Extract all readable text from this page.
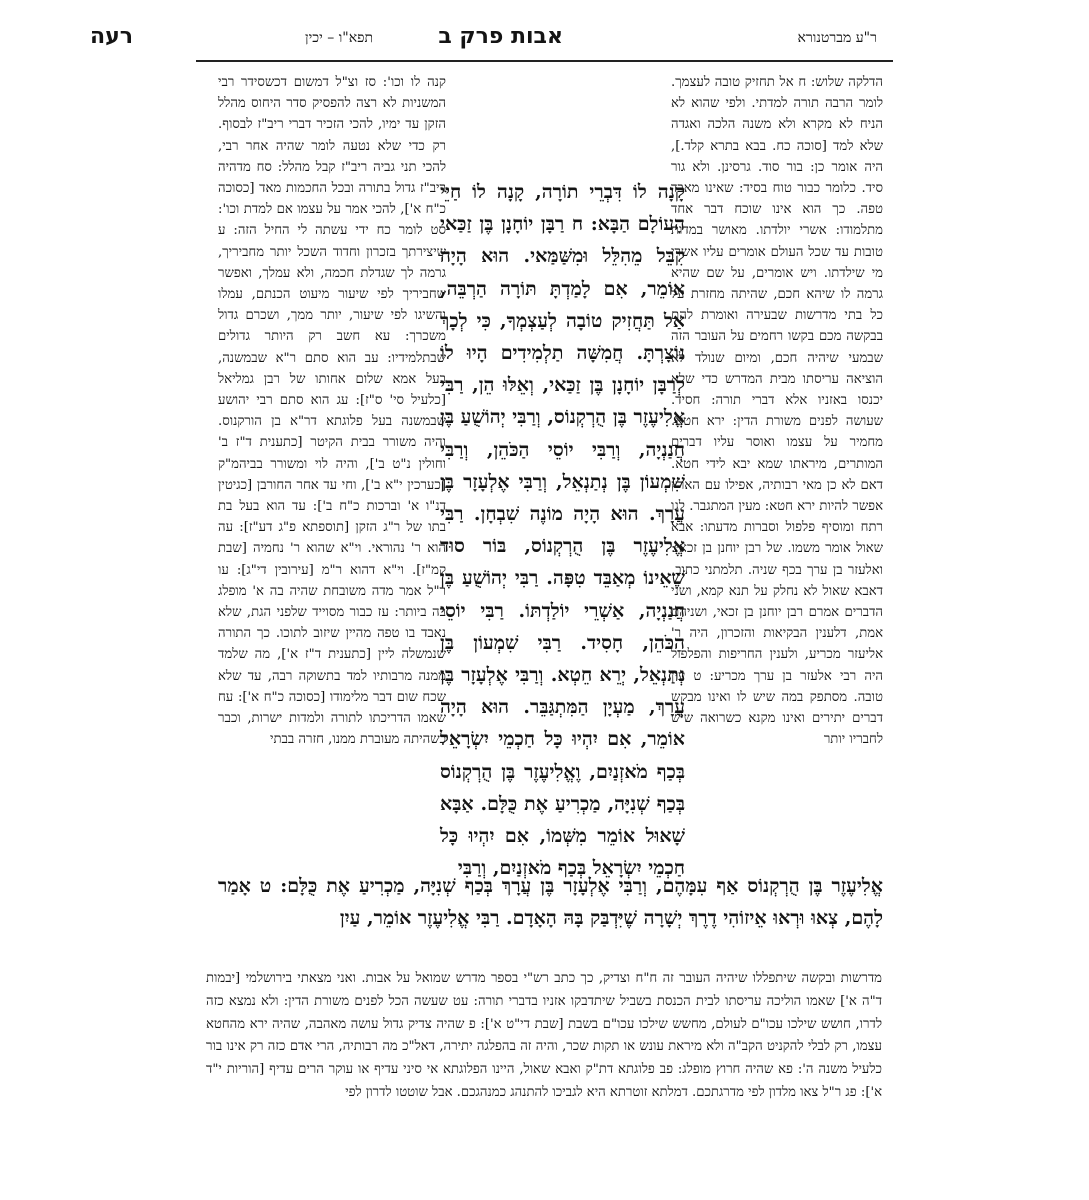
ר"ע מברטנורא
אבות פרק ב
תפא"ו – יכין
רעה

הדלקה שלוש: ח אל תחזיק טובה לעצמך. לומר הרבה תורה למדתי. ולפי שהוא לא הניח לא מקרא ולא משנה הלכה ואגדה שלא למד [סוכה כח. בבא בתרא קלד.], היה אומר כן: בור סוד. גרסינן. ולא גור סיד. כלומר כבור טוח בסיד: שאינו מאבד טפה. כך הוא אינו שוכח דבר אחד מתלמודו: אשרי יולדתו. מאושר במדות טובות עד שכל העולם אומרים עליו אשרי מי שילדתו. ויש אומרים, על שם שהיא גרמה לו שיהא חכם, שהיתה מחזרת על כל בתי מדרשות שבעירה ואומרת להם בבקשה מכם בקשו רחמים על העובר הזה שבמעי שיהיה חכם, ומיום שנולד לא הוציאה עריסתו מבית המדרש כדי שלא יכנסו באזניו אלא דברי תורה: חסיד. שעושה לפנים משורת הדין: ירא חטא. מחמיר על עצמו ואוסר עליו דברים המותרים, מיראתו שמא יבא לידי חטא. דאם לא כן מאי רבותיה, אפילו עם הארץ אפשר להיות ירא חטא: מעין המתגבר. לגו רתח ומוסיף פלפול וסברות מדעתו: אבא שאול אומר משמו. של רבן יוחנן בן זכאי: ואלעזר בן ערך בכף שניה. תלמתני כתוב, דאבא שאול לא נחלק על תנא קמא, ושני הדברים אמרם רבן יוחנן בן זכאי, ושניהם אמת, דלענין הבקיאות והזכרון, היה ר' אליעזר מכריע, ולענין החריפות והפלפול היה רבי אלעזר בן ערך מכריע: ט עין טובה. מסתפק במה שיש לו ואינו מבקש דברים יתירים ואינו מקנא כשרואה שיש לחבריו יותר

קָנָה לוֹ דִּבְרֵי תוֹרָה, קָנָה לוֹ חַיֵּי הָעוֹלָם הַבָּא: ח רַבָּן יוֹחָנָן בֶּן זַכַּאי קִבֵּל מֵהִלֵּל וּמִשַּׁמַּאי. הוּא הָיָה אוֹמֵר, אִם לָמַדְתָּ תּוֹרָה הַרְבֵּה, אַל תַּחֲזִיק טוֹבָה לְעַצְמְךָ, כִּי לְכָךְ נוֹצָרְתָּ. חֲמִשָּׁה תַלְמִידִים הָיוּ לוֹ לְרַבָּן יוֹחָנָן בֶּן זַכַּאי, וְאֵלּוּ הֵן, רַבִּי אֱלִיעֶזֶר בֶּן הֻרְקְנוֹס, וְרַבִּי יְהוֹשֻׁעַ בֶּן חֲנַנְיָה, וְרַבִּי יוֹסֵי הַכֹּהֵן, וְרַבִּי שִׁמְעוֹן בֶּן נְתַנְאֵל, וְרַבִּי אֶלְעָזָר בֶּן עֲרָךְ. הוּא הָיָה מוֹנֶה שִׁבְחָן. רַבִּי אֱלִיעֶזֶר בֶּן הֻרְקְנוֹס, בּוֹר סוּד שֶׁאֵינוֹ מְאַבֵּד טִפָּה. רַבִּי יְהוֹשֻׁעַ בֶּן חֲנַנְיָה, אַשְׁרֵי יוֹלַדְתּוֹ. רַבִּי יוֹסֵי הַכֹּהֵן, חָסִיד. רַבִּי שִׁמְעוֹן בֶּן נְתַנְאֵל, יְרֵא חֵטְא. וְרַבִּי אֶלְעָזָר בֶּן עֲרָךְ, מַעְיָן הַמִּתְגַּבֵּר. הוּא הָיָה אוֹמֵר, אִם יִהְיוּ כָּל חַכְמֵי יִשְׂרָאֵל בְּכַף מֹאזְנַיִם, וֶאֱלִיעֶזֶר בֶּן הֻרְקְנוֹס בְּכַף שְׁנִיָּה, מַכְרִיעַ אֶת כֻּלָּם. אַבָּא שָׁאוּל אוֹמֵר מִשְּׁמוֹ, אִם יִהְיוּ כָּל חַכְמֵי יִשְׂרָאֵל בְּכַף מֹאזְנַיִם, וְרַבִּי

קנה לו וכו': סז וצ"ל דמשום דכשסידר רבי המשניות לא רצה להפסיק סדר היחוס מהלל הזקן עד ימיו, להכי הזכיר דברי ריב"ז לבסוף. רק כדי שלא נטעה לומר שהיה אחר רבי, להכי תני גביה ריב"ז קבל מהלל: סח מדהיה ריב"ז גדול בתורה ובכל החכמות מאד [כסוכה כ"ח א'], להכי אמר על עצמו אם למדת וכו': סט לומר כח ידי עשתה לי החיל הזה: ע שיצירתך בזכרון וחדוד השכל יותר מחביריך, גרמה לך שגדלת חכמה, ולא עמלך, ואפשר שחביריך לפי שיעור מיעוט הכנתם, עמלו והשיגו לפי שיעור, יותר ממך, ושכרם גדול משכרך: עא חשב רק היותר גדולים שבתלמידיו: עב הוא סתם ר"א שבמשנה, בעל אמא שלום אחותו של רבן גמליאל [כלעיל סי' ס"ז]: עג הוא סתם רבי יהושע שבמשנה בעל פלוגתא דר"א בן הורקנוס. והיה משורר בבית הקיטר [כתענית ד"ז ב' וחולין נ"ט ב'], והיה לוי ומשורר בביהמ"ק [כערכין י"א ב'], וחי עד אחר החורבן [כגיטין דנ"ו א' וברכות כ"ח ב']: עד הוא בעל בת בתו של ר"ג הזקן [תוספתא פ"ג דע"ז]: עה הוא ר' נהוראי. וי"א שהוא ר' נחמיה [שבת קמ"ז]. וי"א דהוא ר"מ [עירובין די"ג]: עו ר"ל אמר מדה משובחת שהיה בה א' מופלג בה ביותר: עז כבור מסוייד שלפני הגת, שלא נאבד בו טפה מהיין שיזוב לתוכו. כך התורה שנמשלה ליין [כתענית ד"ז א'], מה שלמד ממנה מרבותיו למד בתשוקה רבה, עד שלא שכח שום דבר מלימודו [כסוכה כ"ח א']: עח שאמו הדריכתו לתורה ולמדות ישרות, וכבר כשהיתה מעוברת ממנו, חזרה בבתי

אֱלִיעֶזֶר בֶּן הֻרְקְנוֹס אַף עִמָּהֶם, וְרַבִּי אֶלְעָזָר בֶּן עֲרָךְ בְּכַף שְׁנִיָּה, מַכְרִיעַ אֶת כֻּלָּם: ט אָמַר לָהֶם, צְאוּ וּרְאוּ אֵיזוֹהִי דֶרֶךְ יְשָׁרָה שֶׁיִּדְבַּק בָּהּ הָאָדָם. רַבִּי אֱלִיעֶזֶר אוֹמֵר, עַיִן

מדרשות ובקשה שיתפללו שיהיה העובר זה ח"ח וצדיק, כך כתב רש"י בספר מדרש שמואל על אבות. ואני מצאתי בירושלמי [יבמות ד"ה א'] שאמו הוליכה עריסתו לבית הכנסת בשביל שיתדבקו אזניו בדברי תורה: עט שעשה הכל לפנים משורת הדין: ולא נמצא כזה לדרו, חושש שילכו עכו"ם לעולם, מחשש שילכו עכו"ם בשבת [שבת די"ט א']: פ שהיה צדיק גדול עושה מאהבה, שהיה ירא מהחטא עצמו, רק לבלי להקניט הקב"ה ולא מיראת עונש או תקות שכר, והיה זה בהפלגה יתירה, דאל"כ מה רבותיה, הרי אדם כזה רק אינו בור כלעיל משנה ה': פא שהיה חרוץ מופלג: פב פלוגתא דת"ק ואבא שאול, היינו הפלוגתא אי סיני עדיף או עוקר הרים עדיף [הוריות י"ד א']: פג ר"ל צאו מלדון לפי מדרגתכם. דמלתא זוטרתא היא לגביכו להתנהג כמנהגכם. אבל שוטטו לדרון לפי
